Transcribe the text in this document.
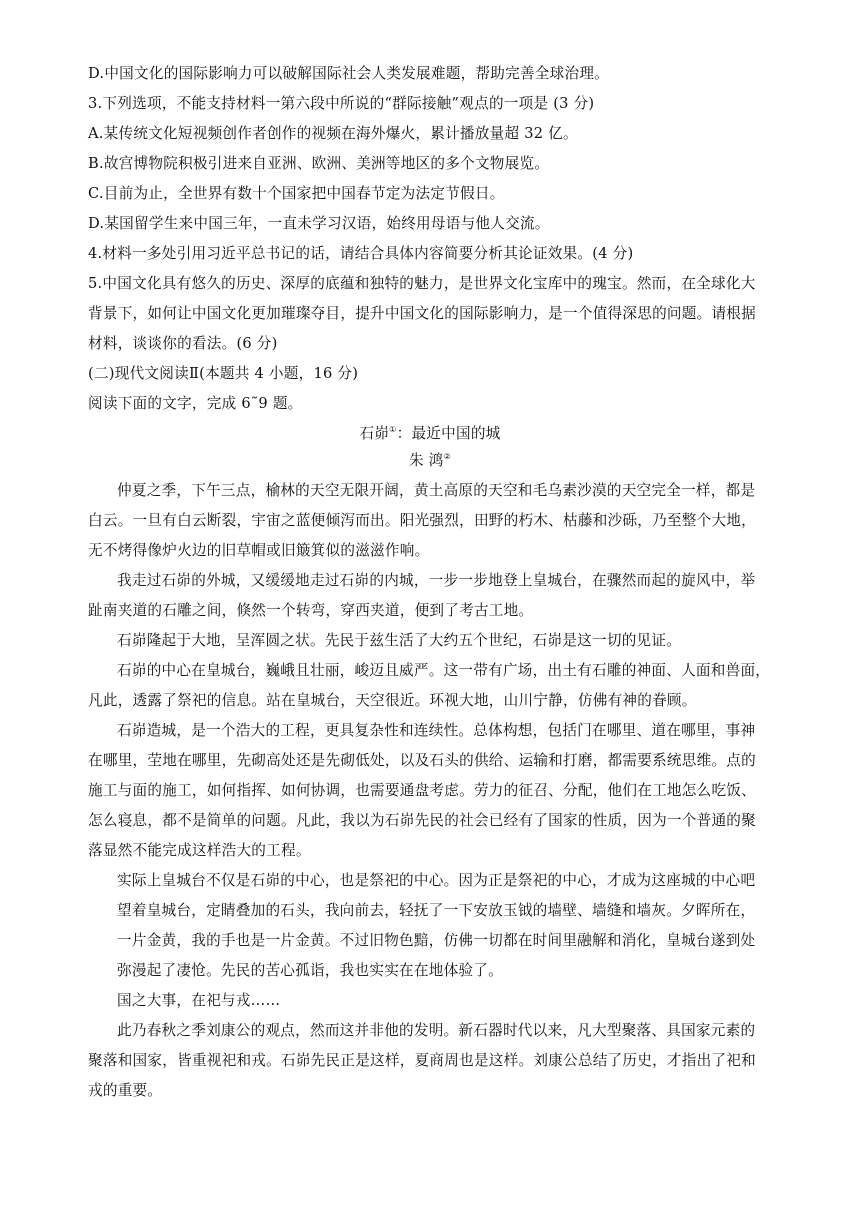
D.中国文化的国际影响力可以破解国际社会人类发展难题，帮助完善全球治理。
3.下列选项，不能支持材料一第六段中所说的“群际接触”观点的一项是 (3 分)
A.某传统文化短视频创作者创作的视频在海外爆火，累计播放量超 32 亿。
B.故宫博物院积极引进来自亚洲、欧洲、美洲等地区的多个文物展览。
C.目前为止，全世界有数十个国家把中国春节定为法定节假日。
D.某国留学生来中国三年，一直未学习汉语，始终用母语与他人交流。
4.材料一多处引用习近平总书记的话，请结合具体内容简要分析其论证效果。(4 分)
5.中国文化具有悠久的历史、深厚的底蕴和独特的魅力，是世界文化宝库中的瑰宝。然而，在全球化大
背景下，如何让中国文化更加璀璨夺目，提升中国文化的国际影响力，是一个值得深思的问题。请根据
材料，谈谈你的看法。(6 分)
(二)现代文阅读Ⅱ(本题共 4 小题，16 分)
阅读下面的文字，完成 6˜9 题。
石峁①：最近中国的城
朱 鸿②
仲夏之季，下午三点，榆林的天空无限开阔，黄土高原的天空和毛乌素沙漠的天空完全一样，都是
白云。一旦有白云断裂，宇宙之蓝便倾泻而出。阳光强烈，田野的朽木、枯藤和沙砾，乃至整个大地，
无不烤得像炉火边的旧草帽或旧簸箕似的滋滋作响。
我走过石峁的外城，又缓缓地走过石峁的内城，一步一步地登上皇城台，在骤然而起的旋风中，举
趾南夹道的石雕之间，倏然一个转弯，穿西夹道，便到了考古工地。
石峁隆起于大地，呈浑圆之状。先民于兹生活了大约五个世纪，石峁是这一切的见证。
石峁的中心在皇城台，巍峨且壮丽，峻迈且威严。这一带有广场，出土有石雕的神面、人面和兽面，
凡此，透露了祭祀的信息。站在皇城台，天空很近。环视大地，山川宁静，仿佛有神的眷顾。
石峁造城，是一个浩大的工程，更具复杂性和连续性。总体构想，包括门在哪里、道在哪里，事神
在哪里，茔地在哪里，先砌高处还是先砌低处，以及石头的供给、运输和打磨，都需要系统思维。点的
施工与面的施工，如何指挥、如何协调，也需要通盘考虑。劳力的征召、分配，他们在工地怎么吃饭、
怎么寝息，都不是简单的问题。凡此，我以为石峁先民的社会已经有了国家的性质，因为一个普通的聚
落显然不能完成这样浩大的工程。
实际上皇城台不仅是石峁的中心，也是祭祀的中心。因为正是祭祀的中心，才成为这座城的中心吧
望着皇城台，定睛叠加的石头，我向前去，轻抚了一下安放玉钺的墙壁、墙缝和墙灰。夕晖所在，
一片金黄，我的手也是一片金黄。不过旧物色黯，仿佛一切都在时间里融解和消化，皇城台遂到处
弥漫起了凄怆。先民的苦心孤诣，我也实实在在地体验了。
国之大事，在祀与戎……
此乃春秋之季刘康公的观点，然而这并非他的发明。新石器时代以来，凡大型聚落、具国家元素的
聚落和国家，皆重视祀和戎。石峁先民正是这样，夏商周也是这样。刘康公总结了历史，才指出了祀和
戎的重要。
